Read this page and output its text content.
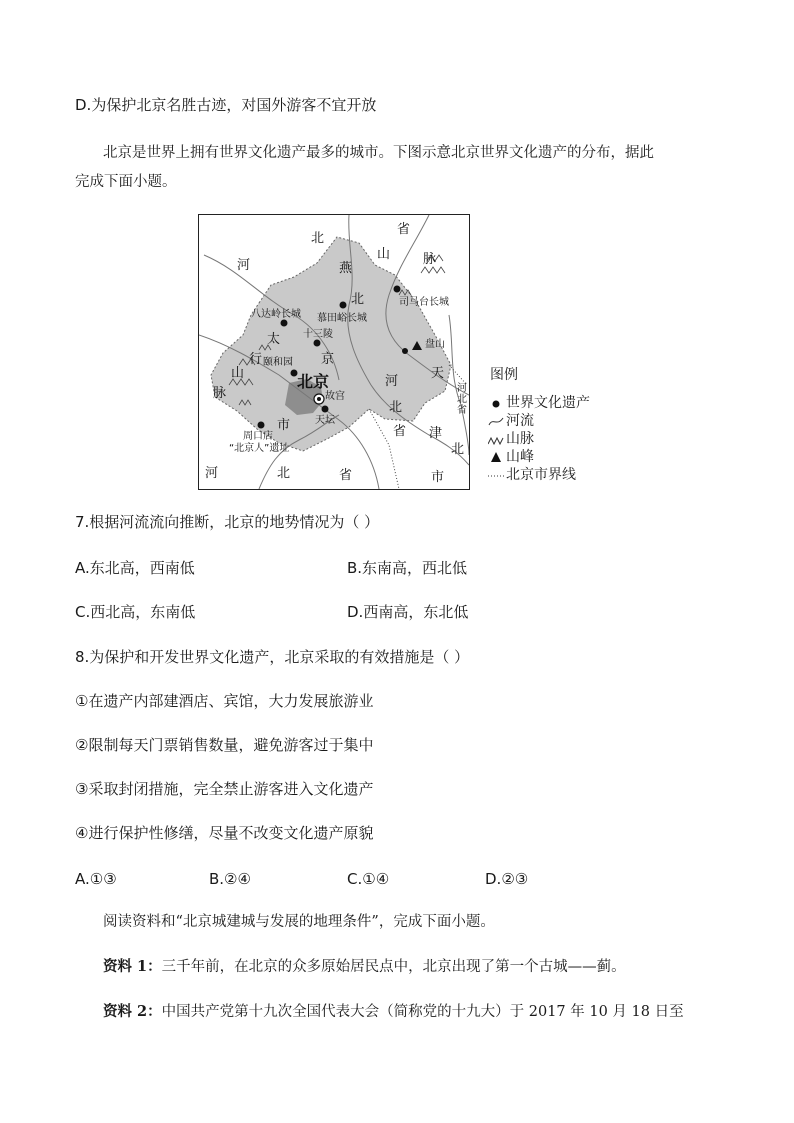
D.为保护北京名胜古迹，对国外游客不宜开放
北京是世界上拥有世界文化遗产最多的城市。下图示意北京世界文化遗产的分布，据此
完成下面小题。
河
北
省
燕
山	脉
北
太
行	京
山
脉
河
天
北
省 津
市
河	北	省	市
河北省
北
北京
司马台长城
八达岭长城 慕田峪长城
十三陵
颐和园
故宫
天坛
周口店
“北京人”遗址
盘山
图例
世界文化遗产
河流
山脉
山峰
北京市界线
7.根据河流流向推断，北京的地势情况为（ ）
A.东北高，西南低	B.东南高，西北低
C.西北高，东南低	D.西南高，东北低
8.为保护和开发世界文化遗产，北京采取的有效措施是（ ）
①在遗产内部建酒店、宾馆，大力发展旅游业
②限制每天门票销售数量，避免游客过于集中
③采取封闭措施，完全禁止游客进入文化遗产
④进行保护性修缮，尽量不改变文化遗产原貌
A.①③	B.②④	C.①④	D.②③
阅读资料和“北京城建城与发展的地理条件”，完成下面小题。
资料 1：三千年前，在北京的众多原始居民点中，北京出现了第一个古城——蓟。
资料 2：中国共产党第十九次全国代表大会（简称党的十九大）于 2017 年 10 月 18 日至
